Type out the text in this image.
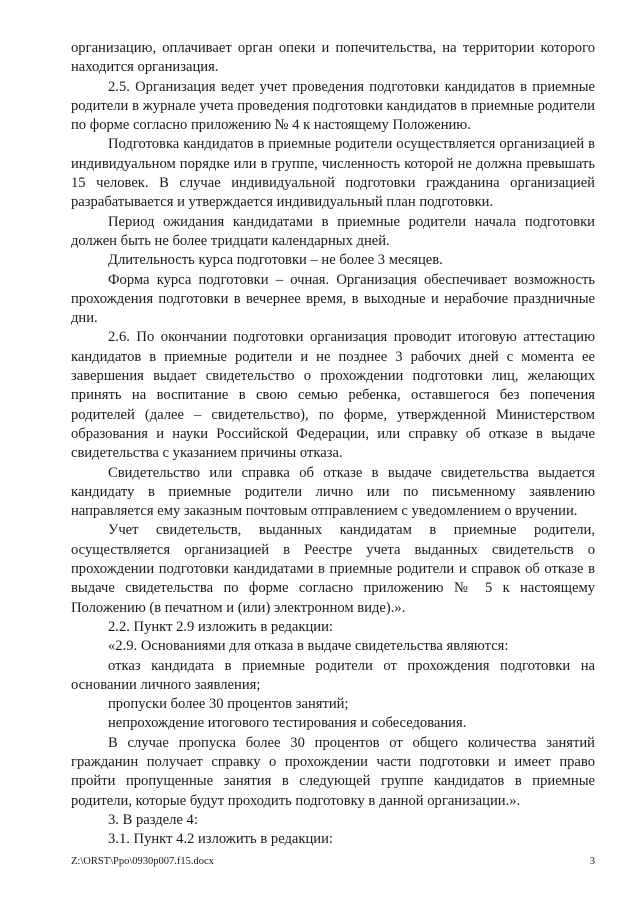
организацию, оплачивает орган опеки и попечительства, на территории которого находится организация.

2.5. Организация ведет учет проведения подготовки кандидатов в приемные родители в журнале учета проведения подготовки кандидатов в приемные родители по форме согласно приложению № 4 к настоящему Положению.

Подготовка кандидатов в приемные родители осуществляется организацией в индивидуальном порядке или в группе, численность которой не должна превышать 15 человек. В случае индивидуальной подготовки гражданина организацией разрабатывается и утверждается индивидуальный план подготовки.

Период ожидания кандидатами в приемные родители начала подготовки должен быть не более тридцати календарных дней.

Длительность курса подготовки – не более 3 месяцев.

Форма курса подготовки – очная. Организация обеспечивает возможность прохождения подготовки в вечернее время, в выходные и нерабочие праздничные дни.

2.6. По окончании подготовки организация проводит итоговую аттестацию кандидатов в приемные родители и не позднее 3 рабочих дней с момента ее завершения выдает свидетельство о прохождении подготовки лиц, желающих принять на воспитание в свою семью ребенка, оставшегося без попечения родителей (далее – свидетельство), по форме, утвержденной Министерством образования и науки Российской Федерации, или справку об отказе в выдаче свидетельства с указанием причины отказа.

Свидетельство или справка об отказе в выдаче свидетельства выдается кандидату в приемные родители лично или по письменному заявлению направляется ему заказным почтовым отправлением с уведомлением о вручении.

Учет свидетельств, выданных кандидатам в приемные родители, осуществляется организацией в Реестре учета выданных свидетельств о прохождении подготовки кандидатами в приемные родители и справок об отказе в выдаче свидетельства по форме согласно приложению № 5 к настоящему Положению (в печатном и (или) электронном виде).».

2.2. Пункт 2.9 изложить в редакции:

«2.9. Основаниями для отказа в выдаче свидетельства являются:

отказ кандидата в приемные родители от прохождения подготовки на основании личного заявления;

пропуски более 30 процентов занятий;

непрохождение итогового тестирования и собеседования.

В случае пропуска более 30 процентов от общего количества занятий гражданин получает справку о прохождении части подготовки и имеет право пройти пропущенные занятия в следующей группе кандидатов в приемные родители, которые будут проходить подготовку в данной организации.».

3. В разделе 4:

3.1. Пункт 4.2 изложить в редакции:

Z:\ORST\Ppo\0930p007.f15.docx	3
